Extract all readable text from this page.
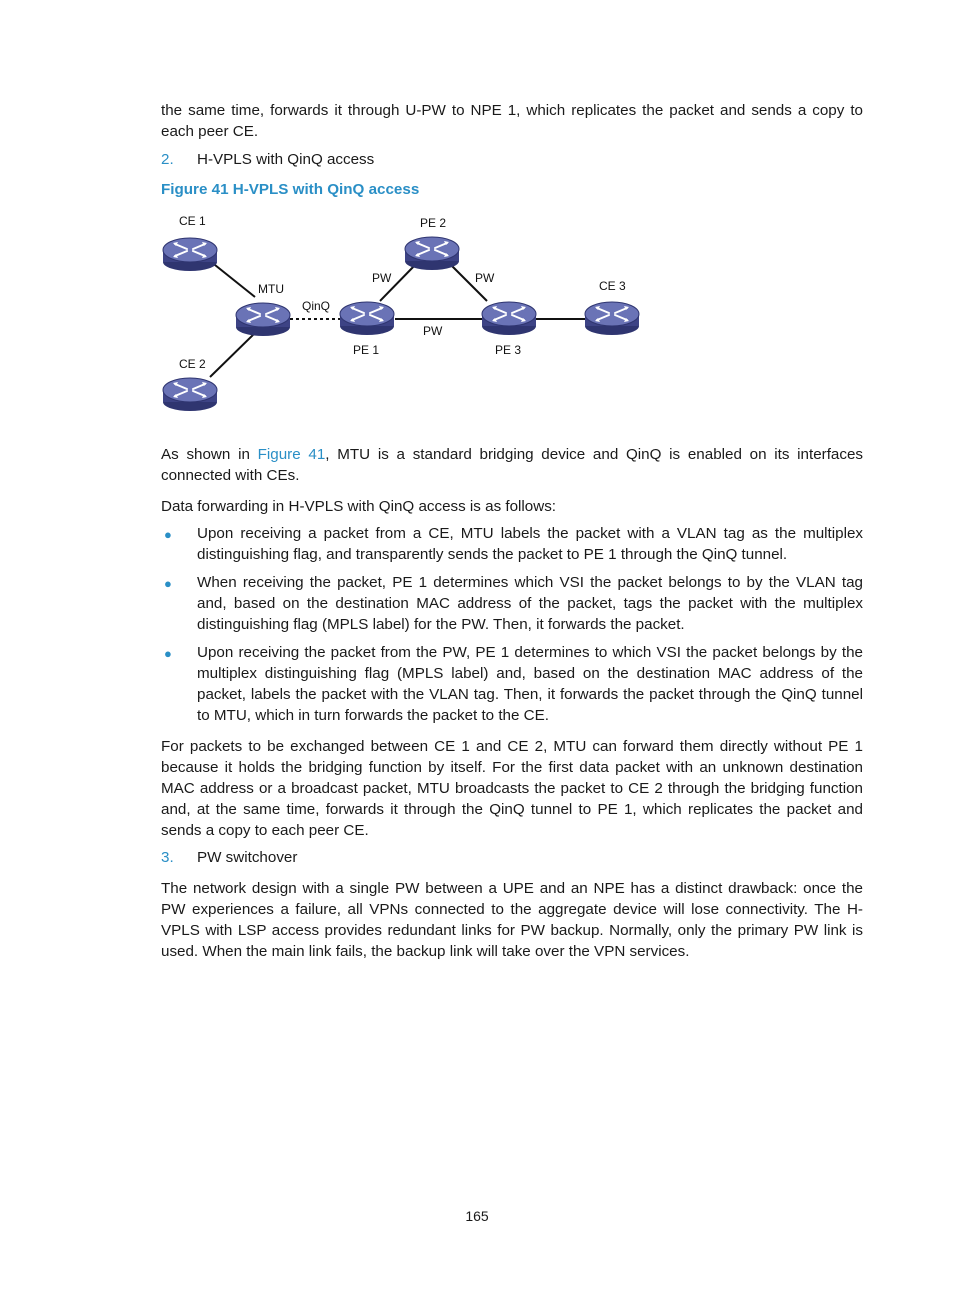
the same time, forwards it through U-PW to NPE 1, which replicates the packet and sends a copy to each peer CE.
2. H-VPLS with QinQ access
Figure 41 H-VPLS with QinQ access
CE 1
CE 2
CE 3
MTU
PE 1
PE 2
PE 3
QinQ
PW	PW
PW
As shown in Figure 41, MTU is a standard bridging device and QinQ is enabled on its interfaces connected with CEs.
Data forwarding in H-VPLS with QinQ access is as follows:
● Upon receiving a packet from a CE, MTU labels the packet with a VLAN tag as the multiplex distinguishing flag, and transparently sends the packet to PE 1 through the QinQ tunnel.
● When receiving the packet, PE 1 determines which VSI the packet belongs to by the VLAN tag and, based on the destination MAC address of the packet, tags the packet with the multiplex distinguishing flag (MPLS label) for the PW. Then, it forwards the packet.
● Upon receiving the packet from the PW, PE 1 determines to which VSI the packet belongs by the multiplex distinguishing flag (MPLS label) and, based on the destination MAC address of the packet, labels the packet with the VLAN tag. Then, it forwards the packet through the QinQ tunnel to MTU, which in turn forwards the packet to the CE.
For packets to be exchanged between CE 1 and CE 2, MTU can forward them directly without PE 1 because it holds the bridging function by itself. For the first data packet with an unknown destination MAC address or a broadcast packet, MTU broadcasts the packet to CE 2 through the bridging function and, at the same time, forwards it through the QinQ tunnel to PE 1, which replicates the packet and sends a copy to each peer CE.
3. PW switchover
The network design with a single PW between a UPE and an NPE has a distinct drawback: once the PW experiences a failure, all VPNs connected to the aggregate device will lose connectivity. The H-VPLS with LSP access provides redundant links for PW backup. Normally, only the primary PW link is used. When the main link fails, the backup link will take over the VPN services.
165
